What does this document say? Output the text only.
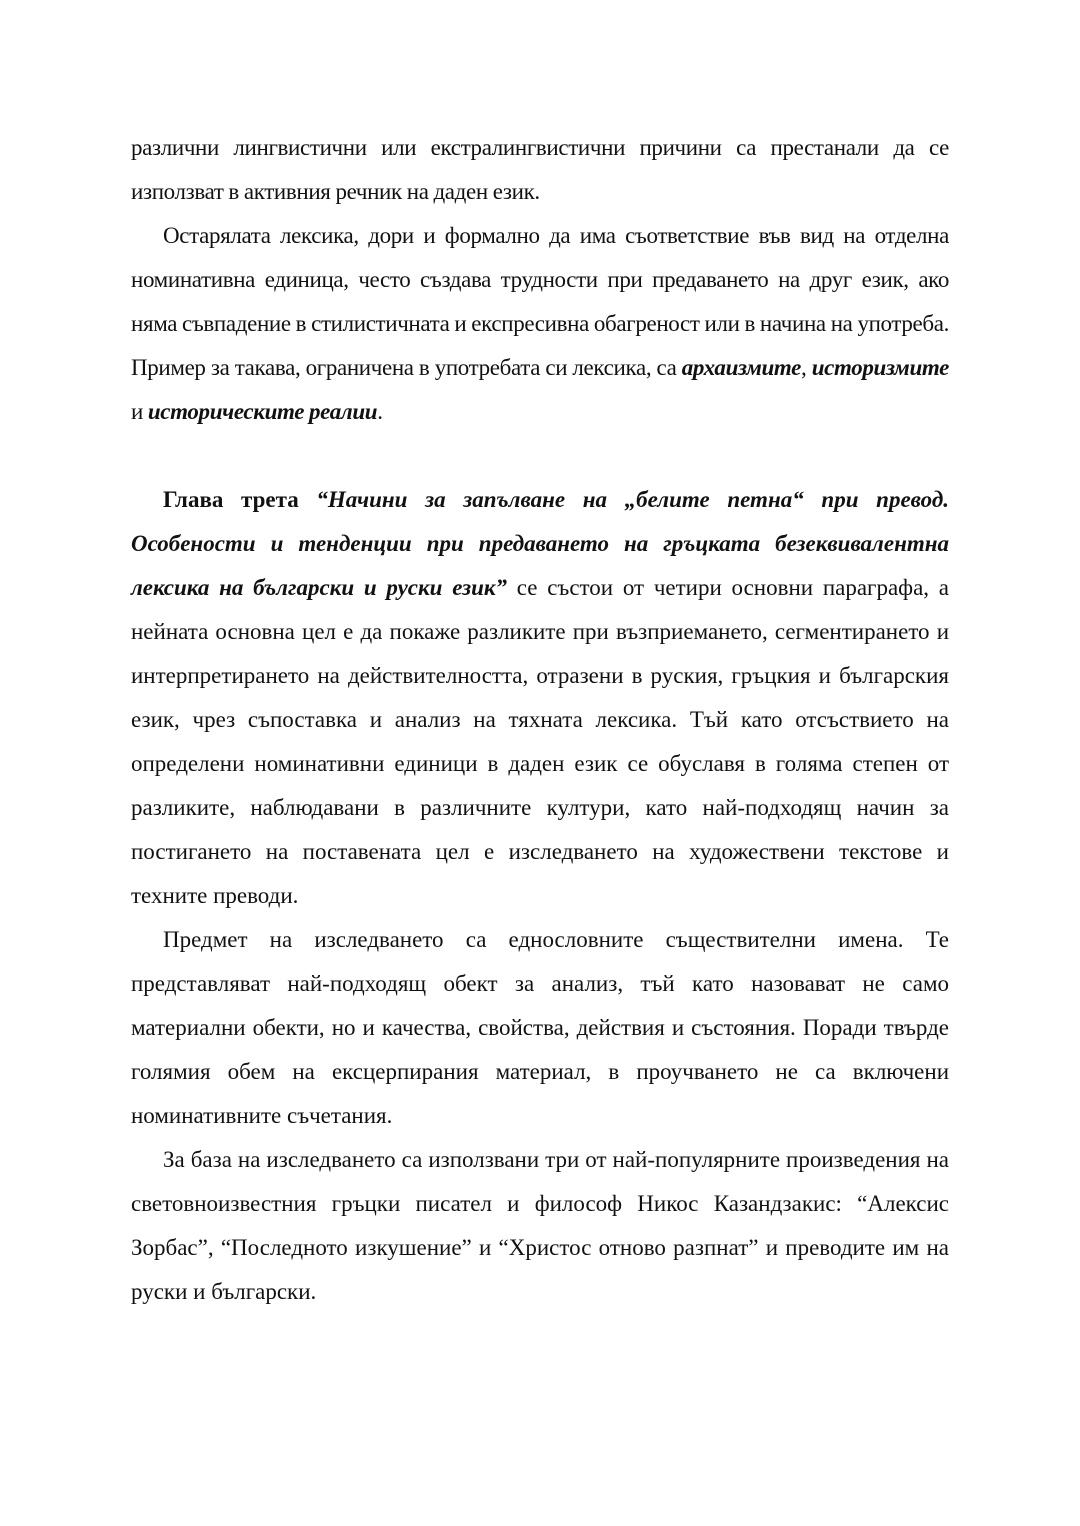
различни лингвистични или екстралингвистични причини са престанали да се използват в активния речник на даден език.

Остарялата лексика, дори и формално да има съответствие във вид на отделна номинативна единица, често създава трудности при предаването на друг език, ако няма съвпадение в стилистичната и експресивна обагреност или в начина на употреба. Пример за такава, ограничена в употребата си лексика, са архаизмите, историзмите и историческите реалии.

Глава трета “Начини за запълване на „белите петна“ при превод. Особености и тенденции при предаването на гръцката безеквивалентна лексика на български и руски език” се състои от четири основни параграфа, а нейната основна цел е да покаже разликите при възприемането, сегментирането и интерпретирането на действителността, отразени в руския, гръцкия и българския език, чрез съпоставка и анализ на тяхната лексика. Тъй като отсъствието на определени номинативни единици в даден език се обуславя в голяма степен от разликите, наблюдавани в различните култури, като най-подходящ начин за постигането на поставената цел е изследването на художествени текстове и техните преводи.

Предмет на изследването са еднословните съществителни имена. Те представляват най-подходящ обект за анализ, тъй като назовават не само материални обекти, но и качества, свойства, действия и състояния. Поради твърде голямия обем на ексцерпирания материал, в проучването не са включени номинативните съчетания.

За база на изследването са използвани три от най-популярните произведения на световноизвестния гръцки писател и философ Никос Казандзакис: “Алексис Зорбас”, “Последното изкушение” и “Христос отново разпнат” и преводите им на руски и български.
